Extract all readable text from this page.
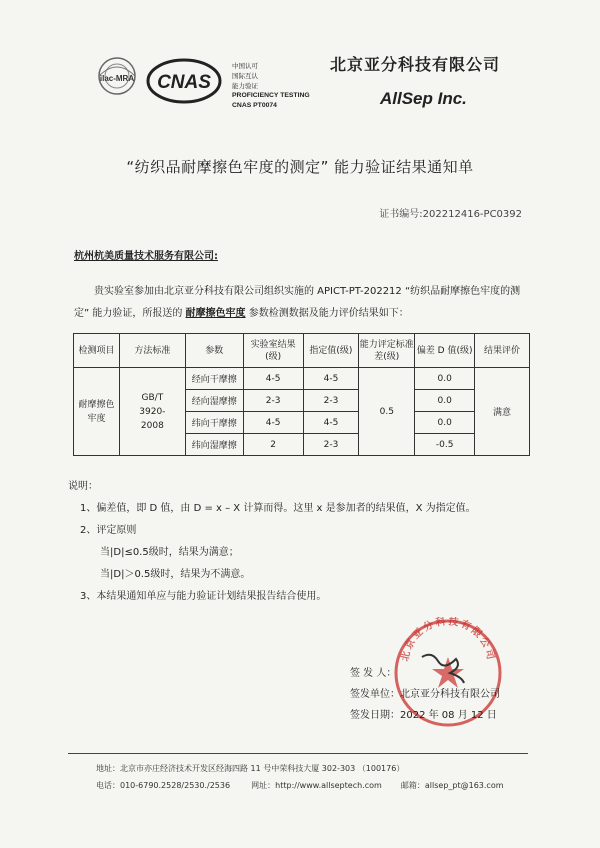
ilac-MRA CNAS
中国认可
国际互认
能力验证
PROFICIENCY TESTING
CNAS PT0074
北京亚分科技有限公司
AllSep Inc.
“纺织品耐摩擦色牢度的测定” 能力验证结果通知单
证书编号:202212416-PC0392
杭州杭美质量技术服务有限公司:
贵实验室参加由北京亚分科技有限公司组织实施的 APICT-PT-202212 “纺织品耐摩擦色牢度的测定” 能力验证，所报送的 耐摩擦色牢度 参数检测数据及能力评价结果如下：
检测项目	方法标准	参数	实验室结果(级)	指定值(级)	能力评定标准差(级)	偏差 D 值(级)	结果评价
耐摩擦色牢度	GB/T 3920-2008	经向干摩擦	4-5	4-5	0.5	0.0	满意
		经向湿摩擦	2-3	2-3		0.0	
		纬向干摩擦	4-5	4-5		0.0	
		纬向湿摩擦	2	2-3		-0.5	
说明：
1、偏差值，即 D 值，由 D = x – X 计算而得。这里 x 是参加者的结果值，X 为指定值。
2、评定原则
当|D|≤0.5级时，结果为满意；
当|D|＞0.5级时，结果为不满意。
3、本结果通知单应与能力验证计划结果报告结合使用。
北京亚分科技有限公司
签 发 人：
签发单位：北京亚分科技有限公司
签发日期：2022 年 08 月 12 日
地址：北京市亦庄经济技术开发区经海四路 11 号中荣科技大厦 302-303 （100176）
电话：010-6790.2528/2530./2536	网址：http://www.allseptech.com 邮箱：allsep_pt@163.com
